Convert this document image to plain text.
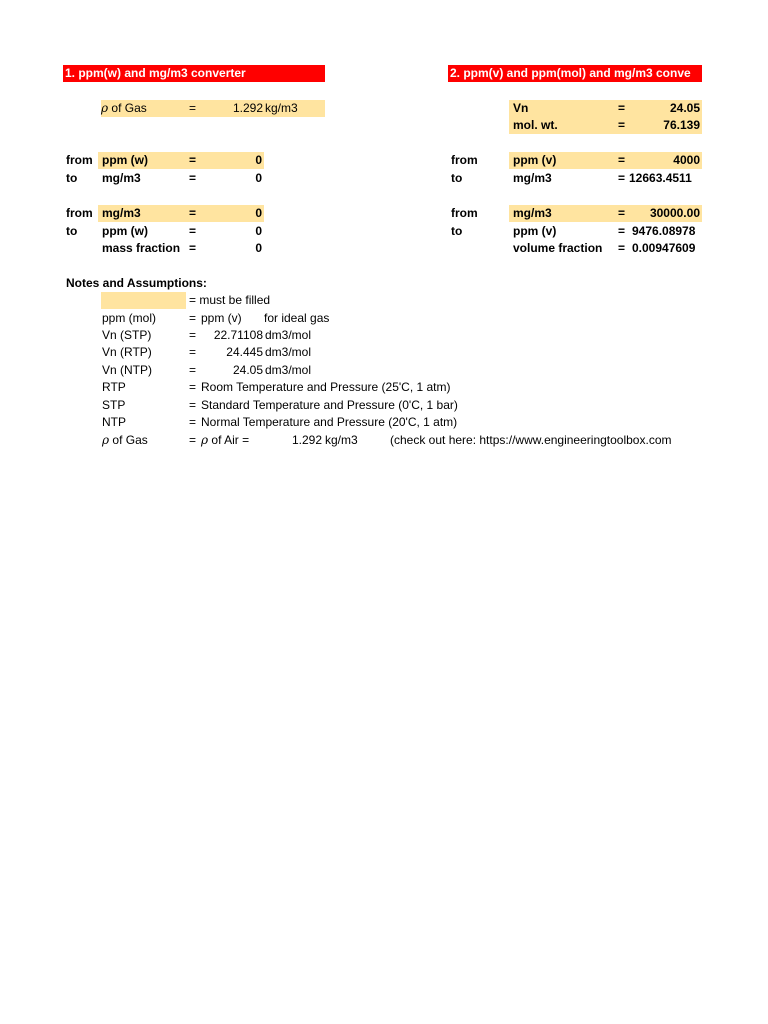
1. ppm(w) and mg/m3 converter
ρ of Gas	=	1.292 kg/m3
from ppm (w)	=	0
to mg/m3	=	0
from mg/m3	=	0
to ppm (w)	=	0
mass fraction =	0
2. ppm(v) and ppm(mol) and mg/m3 conve
Vn	=	24.05
mol. wt.	=	76.139
from	ppm (v)	=	4000
to	mg/m3	= 12663.4511
from	mg/m3	=	30000.00
to	ppm (v)	= 9476.08978
volume fraction = 0.00947609
Notes and Assumptions:
= must be filled
ppm (mol)	= ppm (v) for ideal gas
Vn (STP)	=	22.71108 dm3/mol
Vn (RTP)	=	24.445 dm3/mol
Vn (NTP)	=	24.05 dm3/mol
RTP	= Room Temperature and Pressure (25'C, 1 atm)
STP	= Standard Temperature and Pressure (0'C, 1 bar)
NTP	= Normal Temperature and Pressure (20'C, 1 atm)
ρ of Gas	= ρ of Air =	1.292 kg/m3	(check out here: https://www.engineeringtoolbox.com
